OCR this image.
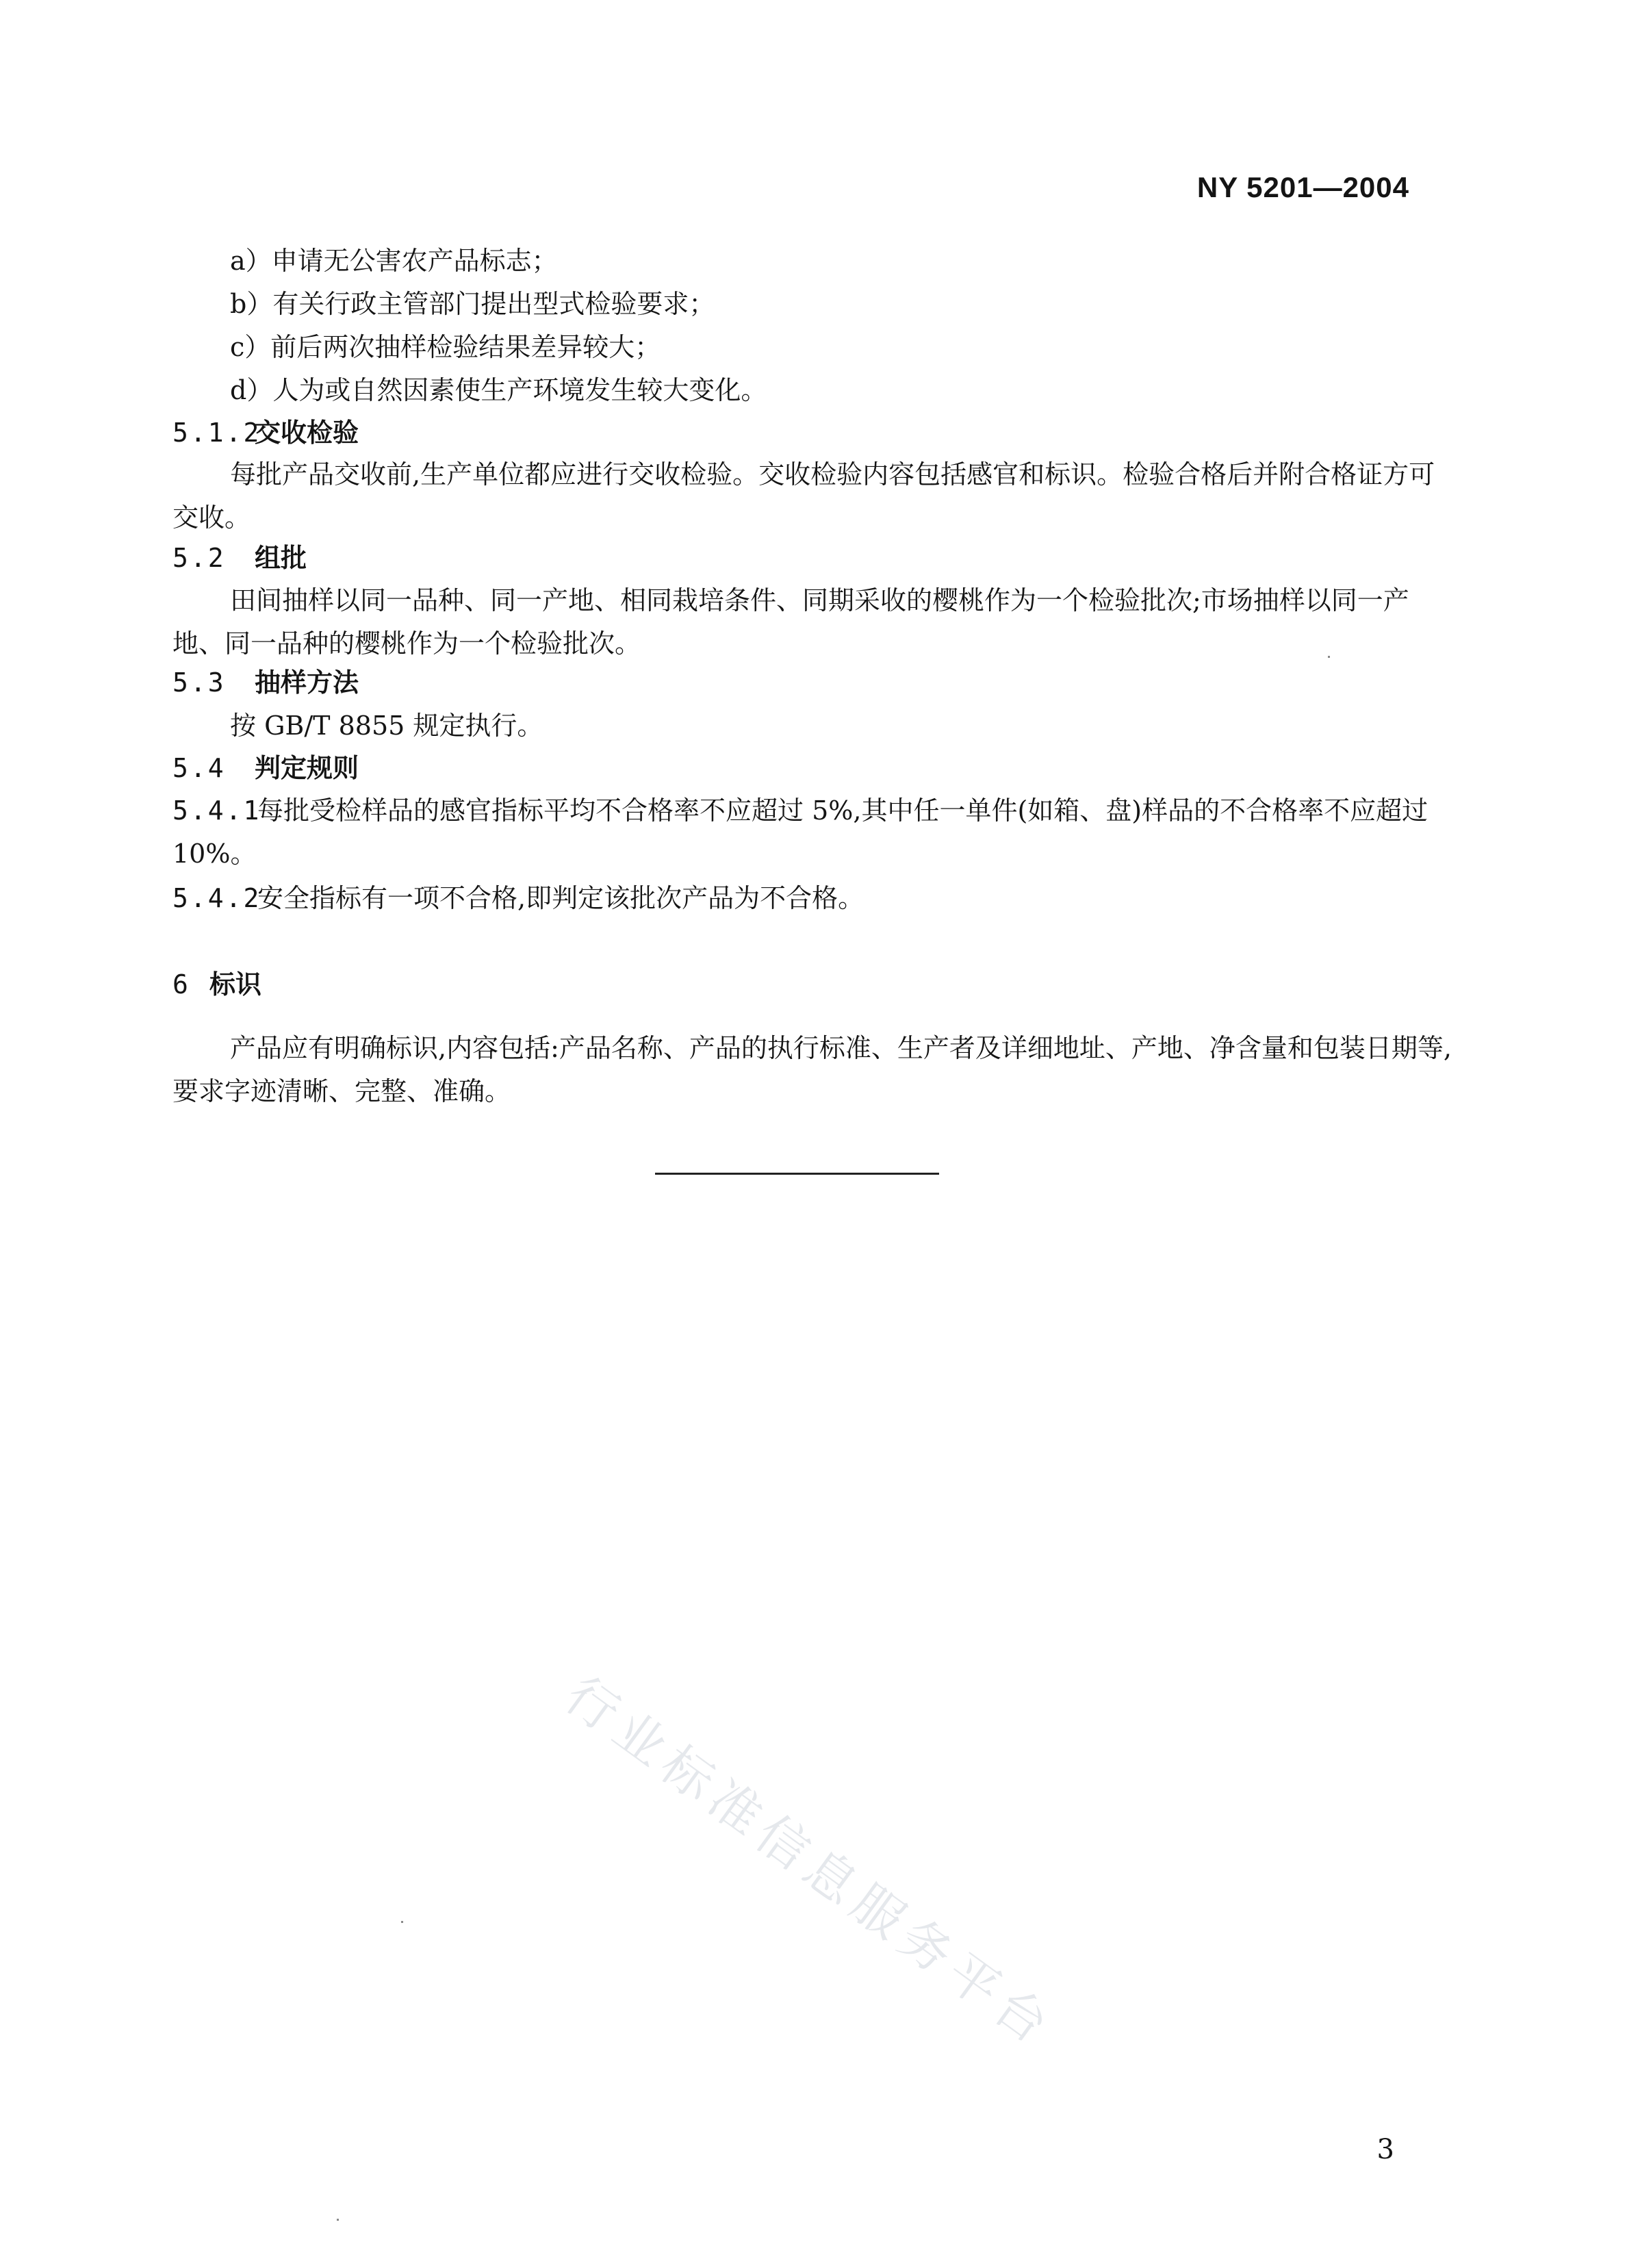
NY 5201—2004
a）申请无公害农产品标志；
b）有关行政主管部门提出型式检验要求；
c）前后两次抽样检验结果差异较大；
d）人为或自然因素使生产环境发生较大变化。
5.1.2交收检验
每批产品交收前,生产单位都应进行交收检验。交收检验内容包括感官和标识。检验合格后并附合格证方可交收。
5.2 组批
田间抽样以同一品种、同一产地、相同栽培条件、同期采收的樱桃作为一个检验批次;市场抽样以同一产地、同一品种的樱桃作为一个检验批次。
5.3 抽样方法
按 GB/T 8855 规定执行。
5.4 判定规则
5.4.1每批受检样品的感官指标平均不合格率不应超过 5%,其中任一单件(如箱、盘)样品的不合格率不应超过 10%。
5.4.2安全指标有一项不合格,即判定该批次产品为不合格。
6 标识
产品应有明确标识,内容包括:产品名称、产品的执行标准、生产者及详细地址、产地、净含量和包装日期等,要求字迹清晰、完整、准确。
行业标准信息服务平台
3
